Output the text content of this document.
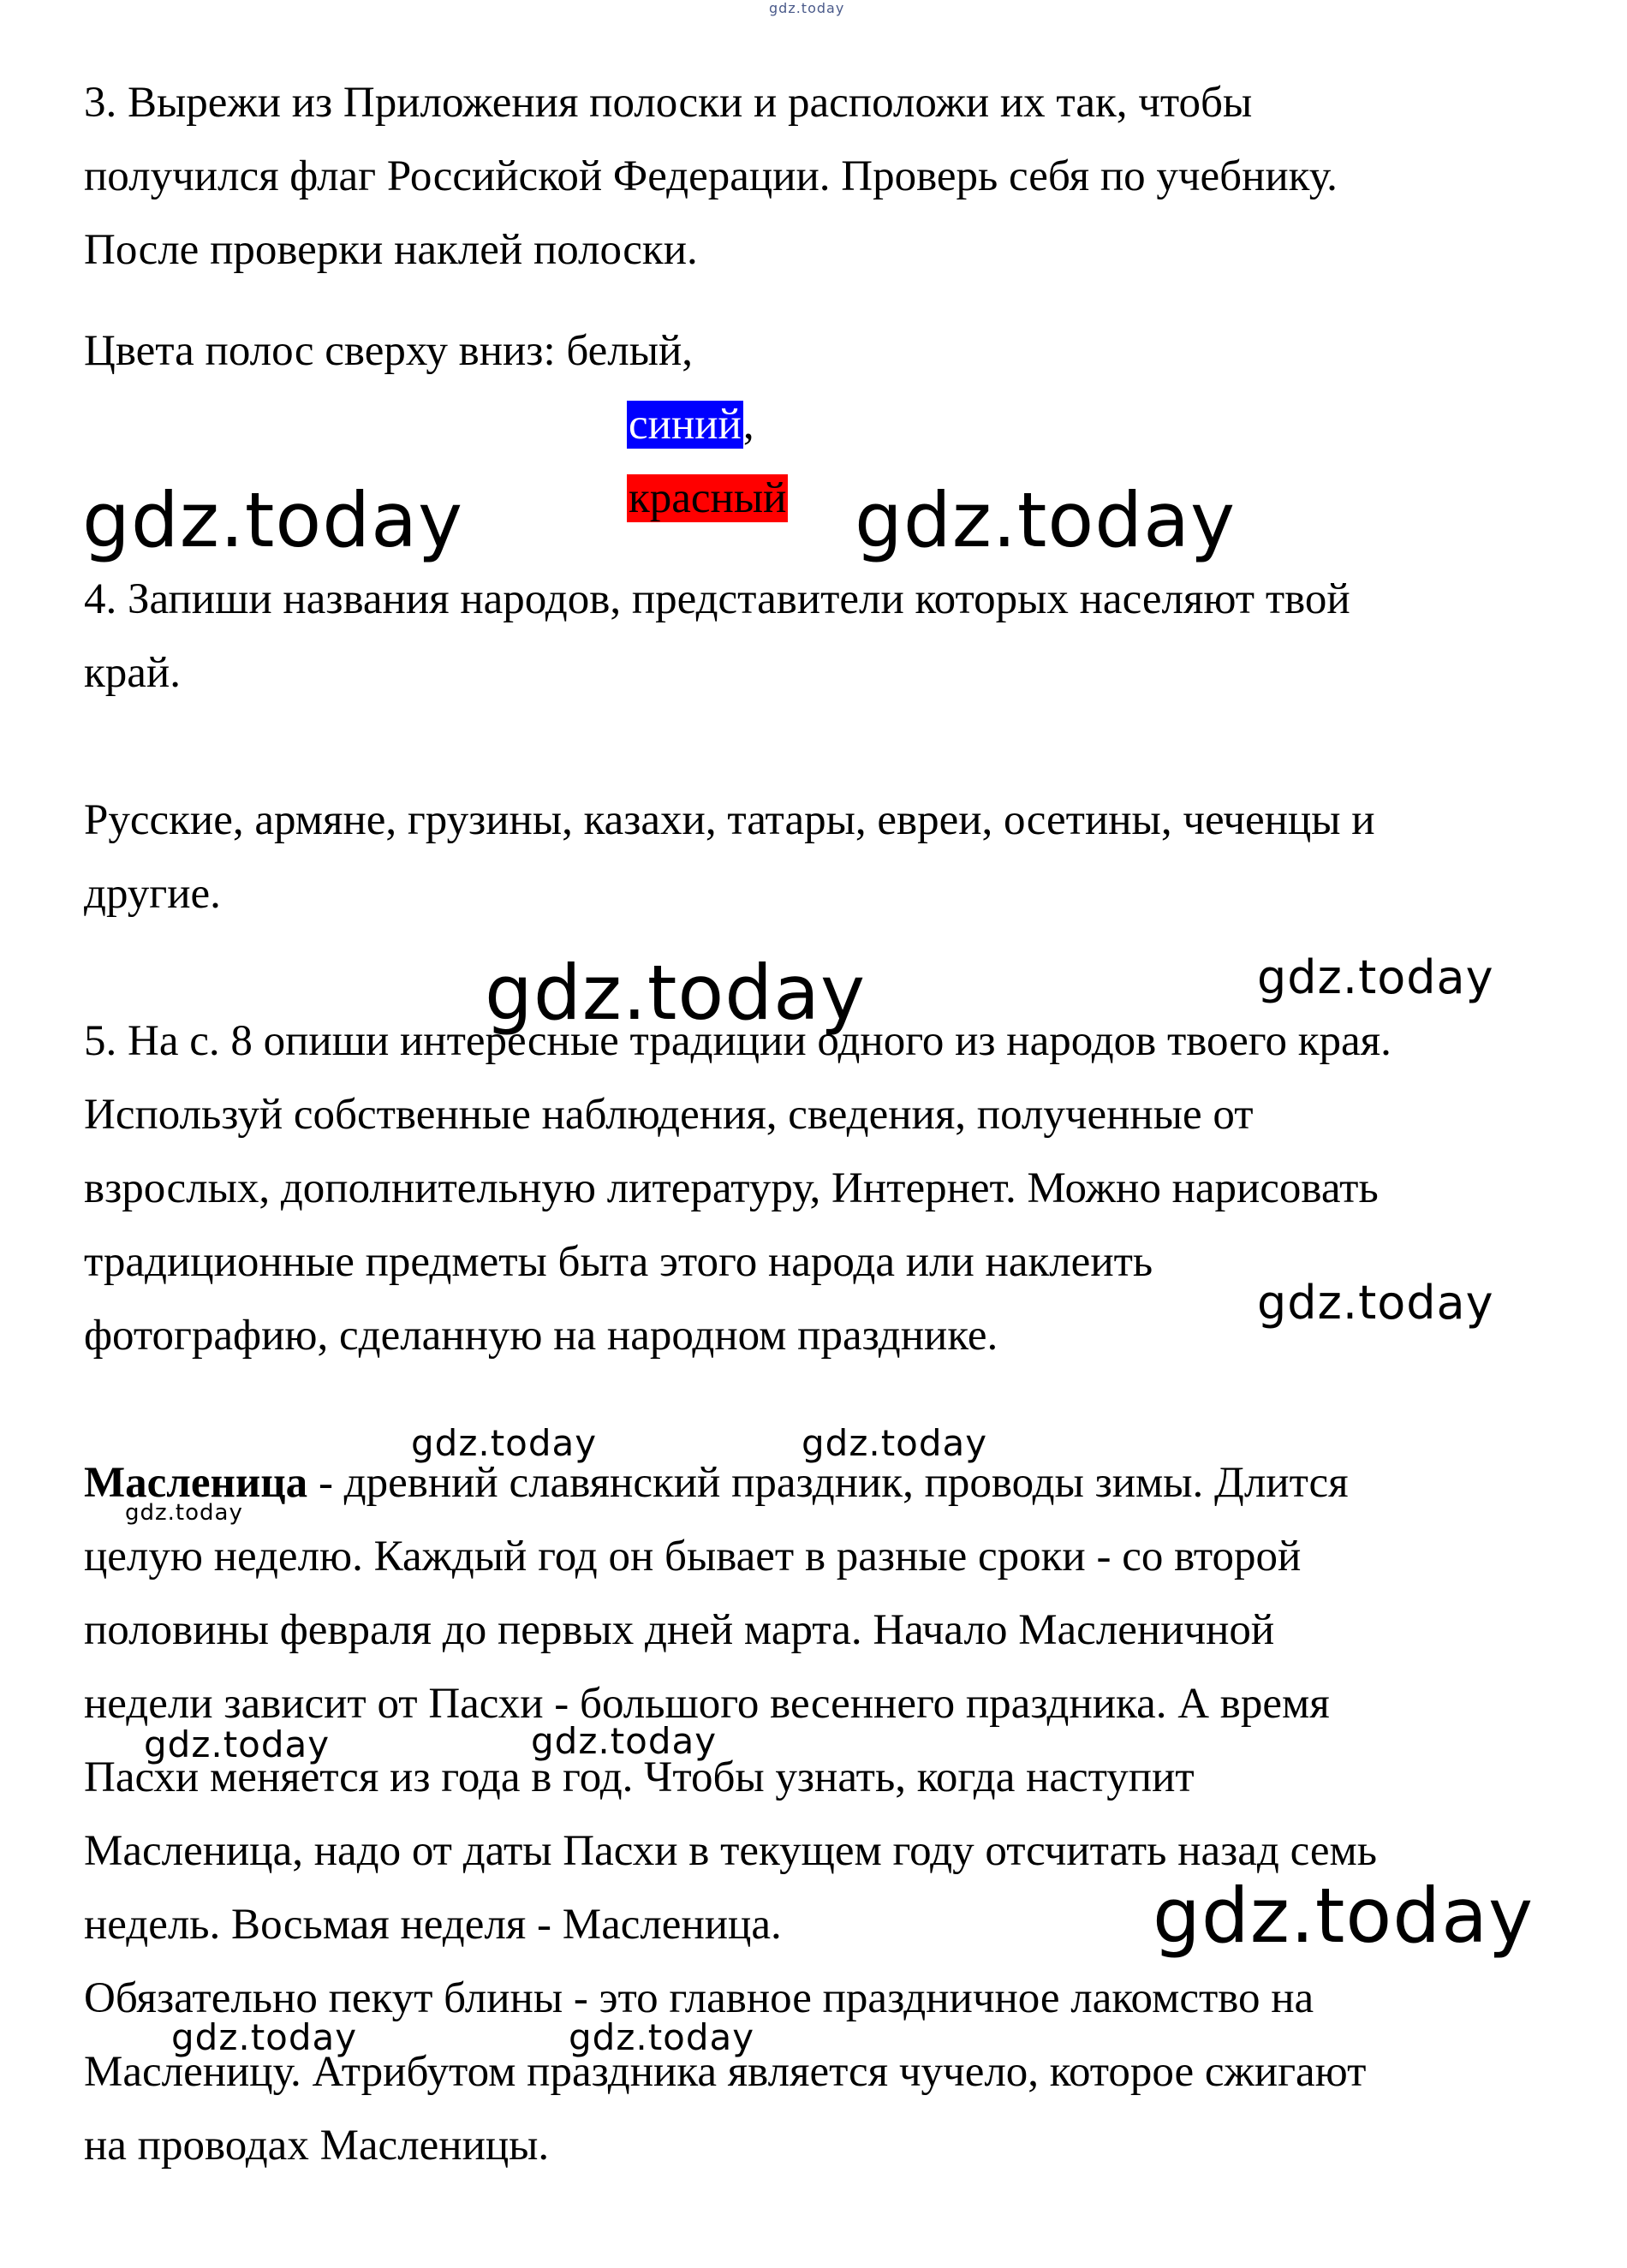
gdz.today
3. Вырежи из Приложения полоски и расположи их так, чтобы
получился флаг Российской Федерации. Проверь себя по учебнику.
После проверки наклей полоски.
Цвета полос сверху вниз: белый,
синий,
красный
gdz.today	gdz.today
4. Запиши названия народов, представители которых населяют твой
край.
Русские, армяне, грузины, казахи, татары, евреи, осетины, чеченцы и
другие.
gdz.today	gdz.today
5. На с. 8 опиши интересные традиции одного из народов твоего края.
Используй собственные наблюдения, сведения, полученные от
взрослых, дополнительную литературу, Интернет. Можно нарисовать
традиционные предметы быта этого народа или наклеить
фотографию, сделанную на народном празднике.
gdz.today
gdz.today	gdz.today
Масленица - древний славянский праздник, проводы зимы. Длится
gdz.today
целую неделю. Каждый год он бывает в разные сроки - со второй
половины февраля до первых дней марта. Начало Масленичной
недели зависит от Пасхи - большого весеннего праздника. А время
gdz.today	gdz.today
Пасхи меняется из года в год. Чтобы узнать, когда наступит
Масленица, надо от даты Пасхи в текущем году отсчитать назад семь
недель. Восьмая неделя - Масленица.	gdz.today
Обязательно пекут блины - это главное праздничное лакомство на
gdz.today	gdz.today
Масленицу. Атрибутом праздника является чучело, которое сжигают
на проводах Масленицы.
